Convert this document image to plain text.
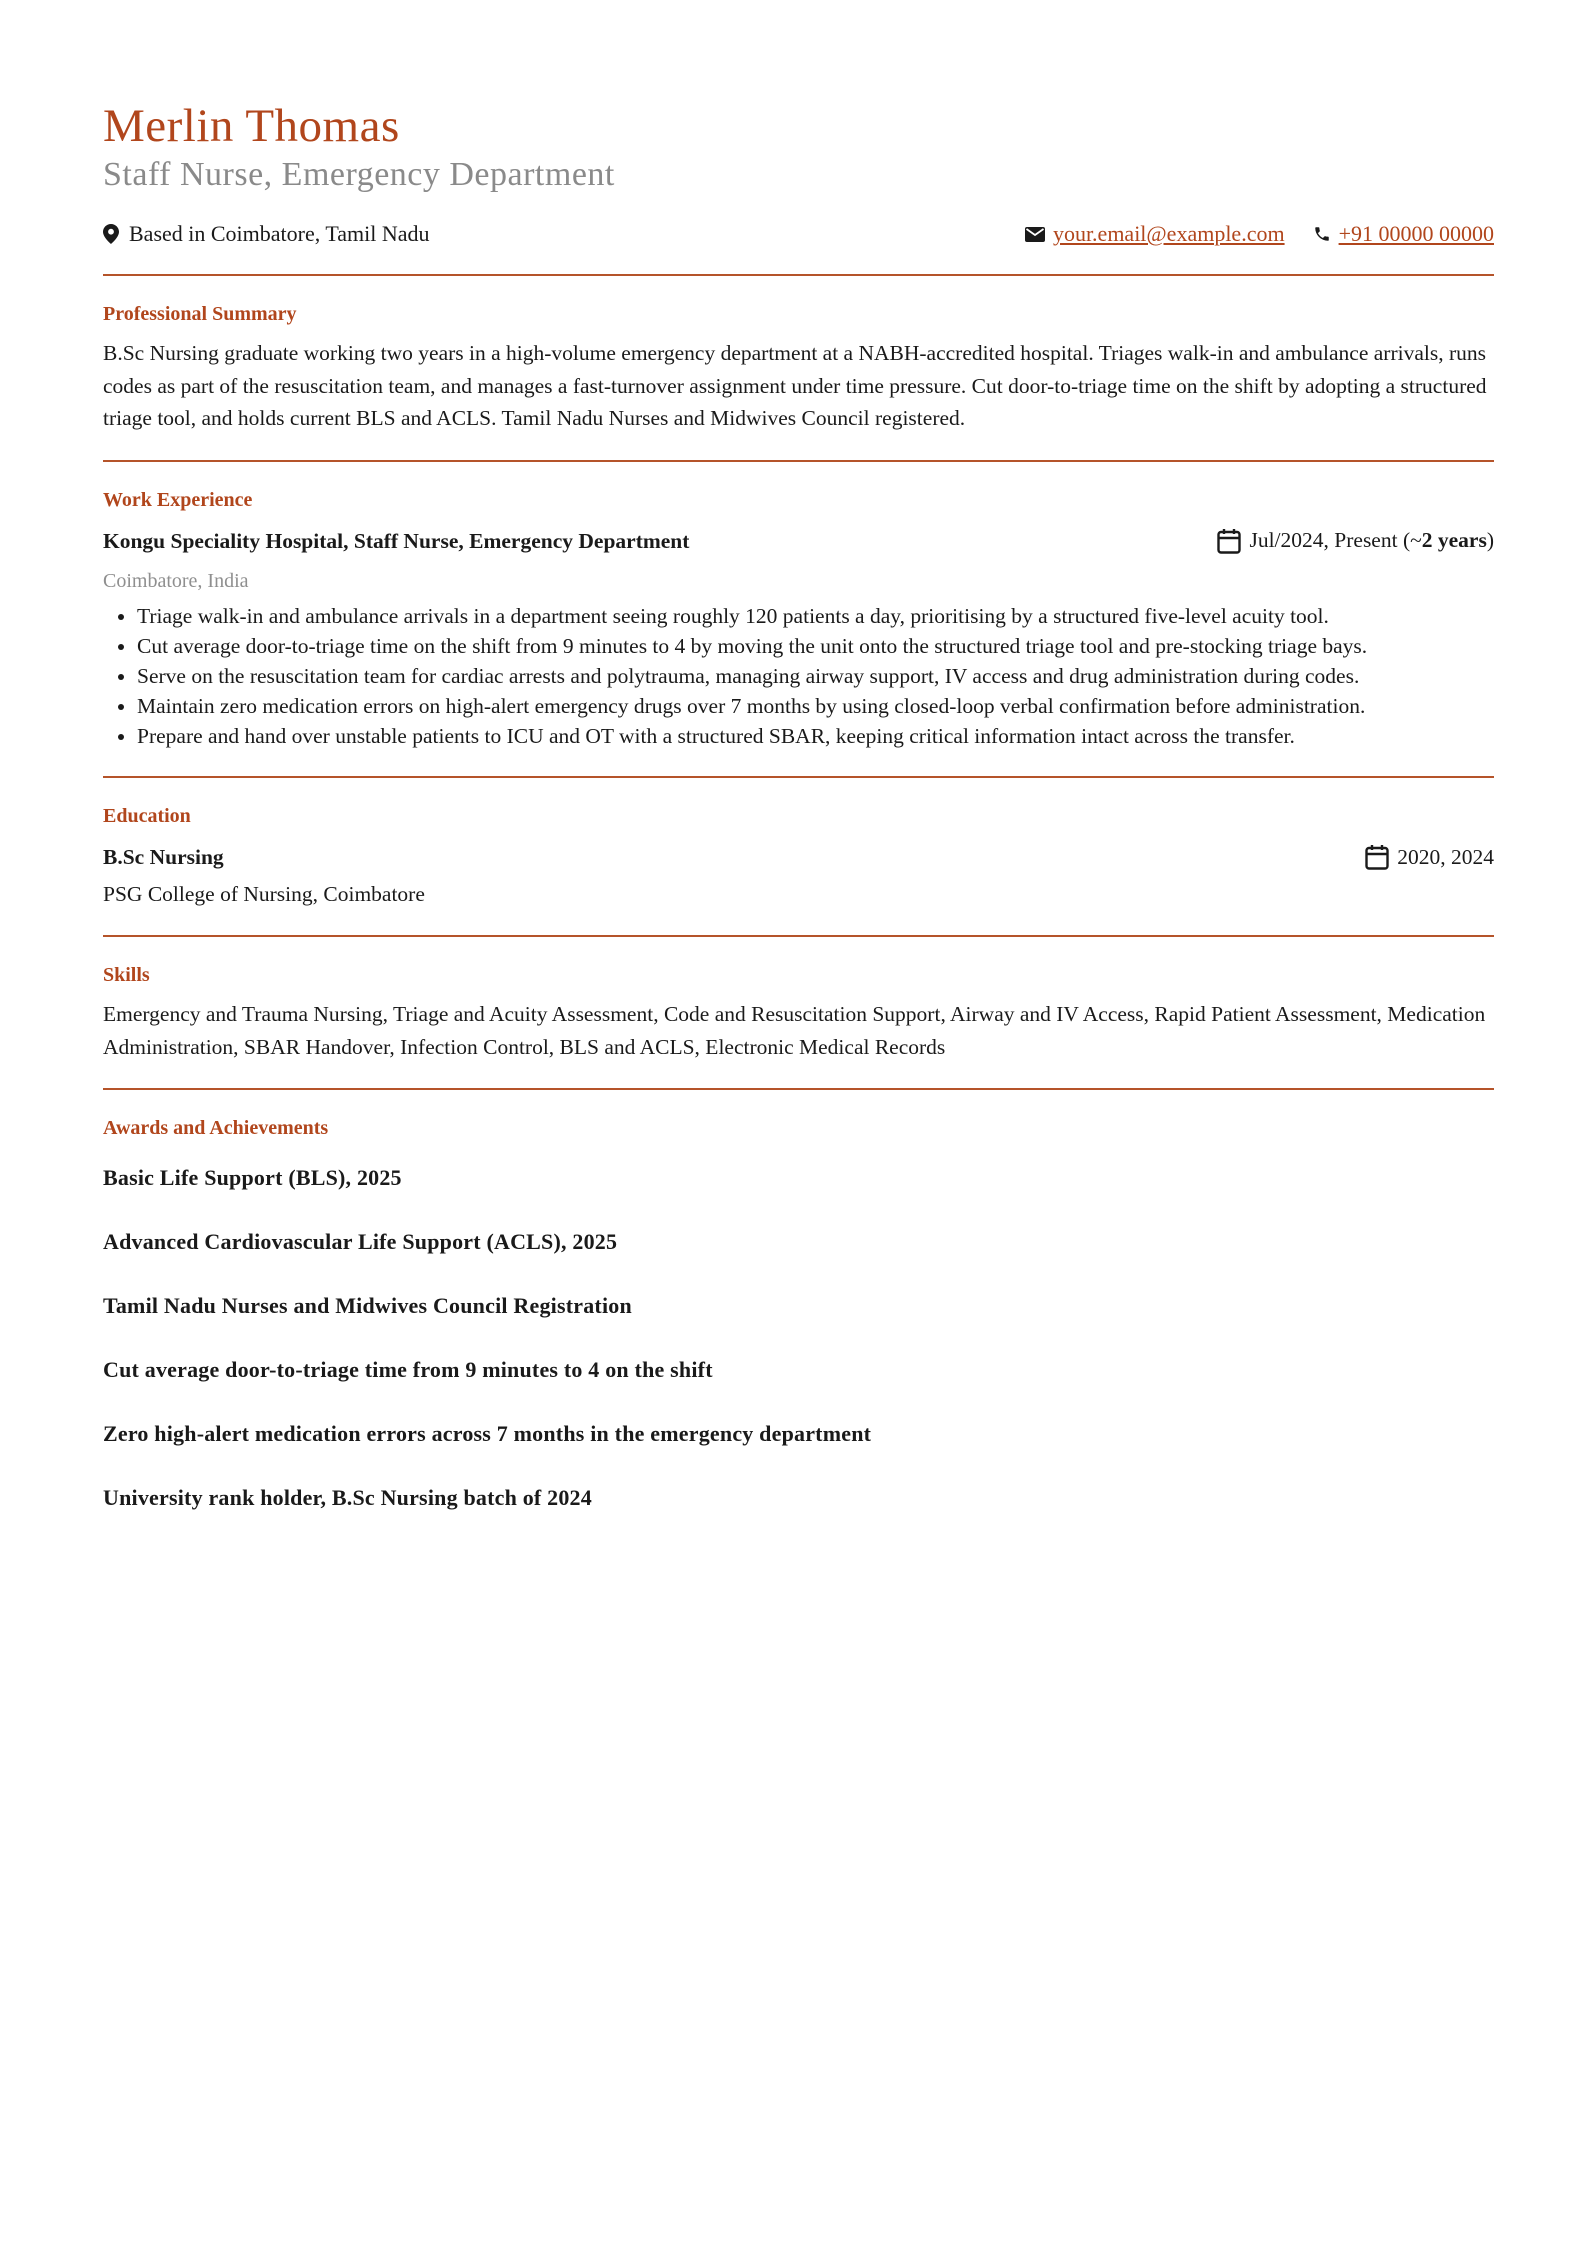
Merlin Thomas
Staff Nurse, Emergency Department
Based in Coimbatore, Tamil Nadu	your.email@example.com +91 00000 00000
Professional Summary

B.Sc Nursing graduate working two years in a high-volume emergency department at a NABH-accredited hospital. Triages walk-in and ambulance arrivals, runs codes as part of the resuscitation team, and manages a fast-turnover assignment under time pressure. Cut door-to-triage time on the shift by adopting a structured triage tool, and holds current BLS and ACLS. Tamil Nadu Nurses and Midwives Council registered.

Work Experience
Kongu Speciality Hospital, Staff Nurse, Emergency Department	Jul/2024, Present (~ 2 years )
Coimbatore, India
• Triage walk-in and ambulance arrivals in a department seeing roughly 120 patients a day, prioritising by a structured five-level acuity tool.
• Cut average door-to-triage time on the shift from 9 minutes to 4 by moving the unit onto the structured triage tool and pre-stocking triage bays.
• Serve on the resuscitation team for cardiac arrests and polytrauma, managing airway support, IV access and drug administration during codes.
• Maintain zero medication errors on high-alert emergency drugs over 7 months by using closed-loop verbal confirmation before administration.
• Prepare and hand over unstable patients to ICU and OT with a structured SBAR, keeping critical information intact across the transfer.
Education
B.Sc Nursing	2020, 2024
PSG College of Nursing, Coimbatore
Skills

Emergency and Trauma Nursing, Triage and Acuity Assessment, Code and Resuscitation Support, Airway and IV Access, Rapid Patient Assessment, Medication Administration, SBAR Handover, Infection Control, BLS and ACLS, Electronic Medical Records

Awards and Achievements

Basic Life Support (BLS), 2025

Advanced Cardiovascular Life Support (ACLS), 2025

Tamil Nadu Nurses and Midwives Council Registration

Cut average door-to-triage time from 9 minutes to 4 on the shift

Zero high-alert medication errors across 7 months in the emergency department

University rank holder, B.Sc Nursing batch of 2024
